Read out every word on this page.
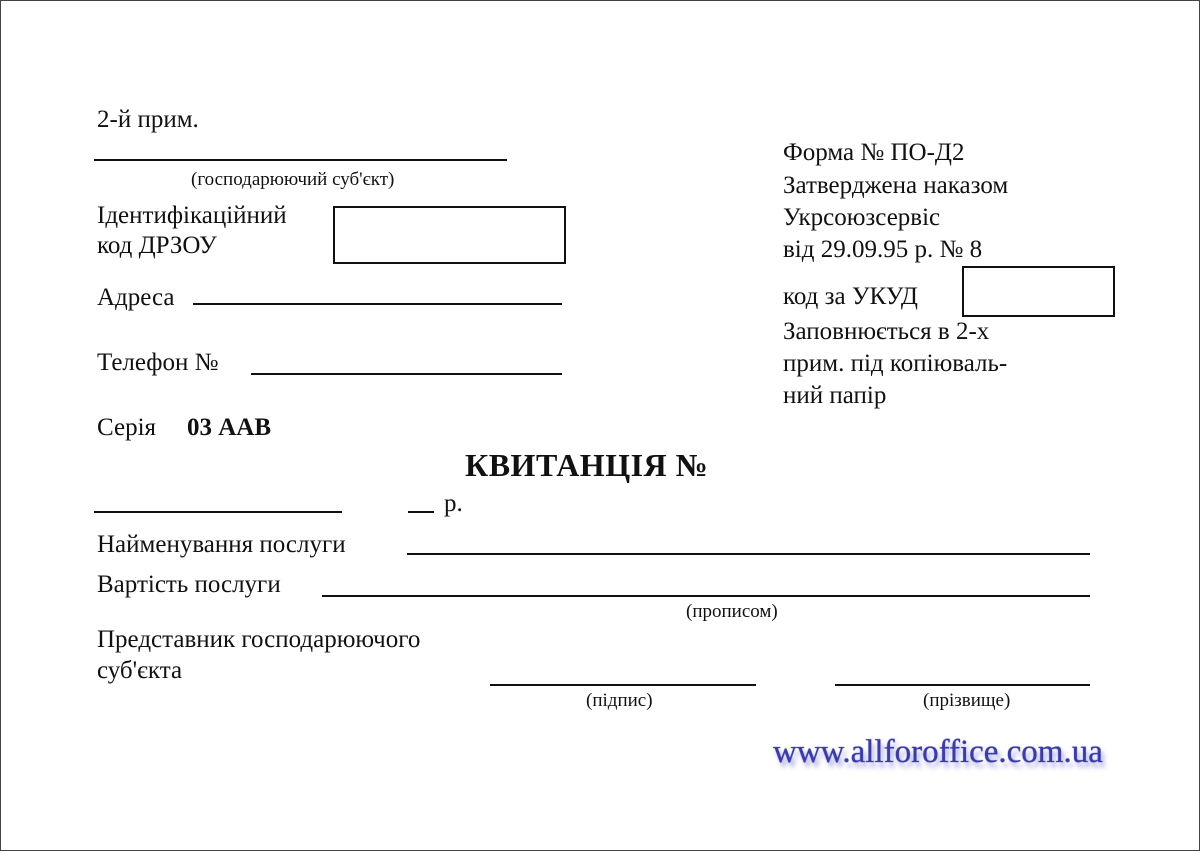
2-й прим.
(господарюючий суб'єкт)
Ідентифікаційний
код ДРЗОУ
Адреса
Телефон №
Серія 03 ААВ
Форма № ПО-Д2
Затверджена наказом
Укрсоюзсервіс
від 29.09.95 р. № 8
код за УКУД
Заповнюється в 2-х
прим. під копіюваль-
ний папір
КВИТАНЦІЯ №
р.
Найменування послуги
Вартість послуги
(прописом)
Представник господарюючого
суб'єкта
(підпис)	(прізвище)
www.allforoffice.com.ua
